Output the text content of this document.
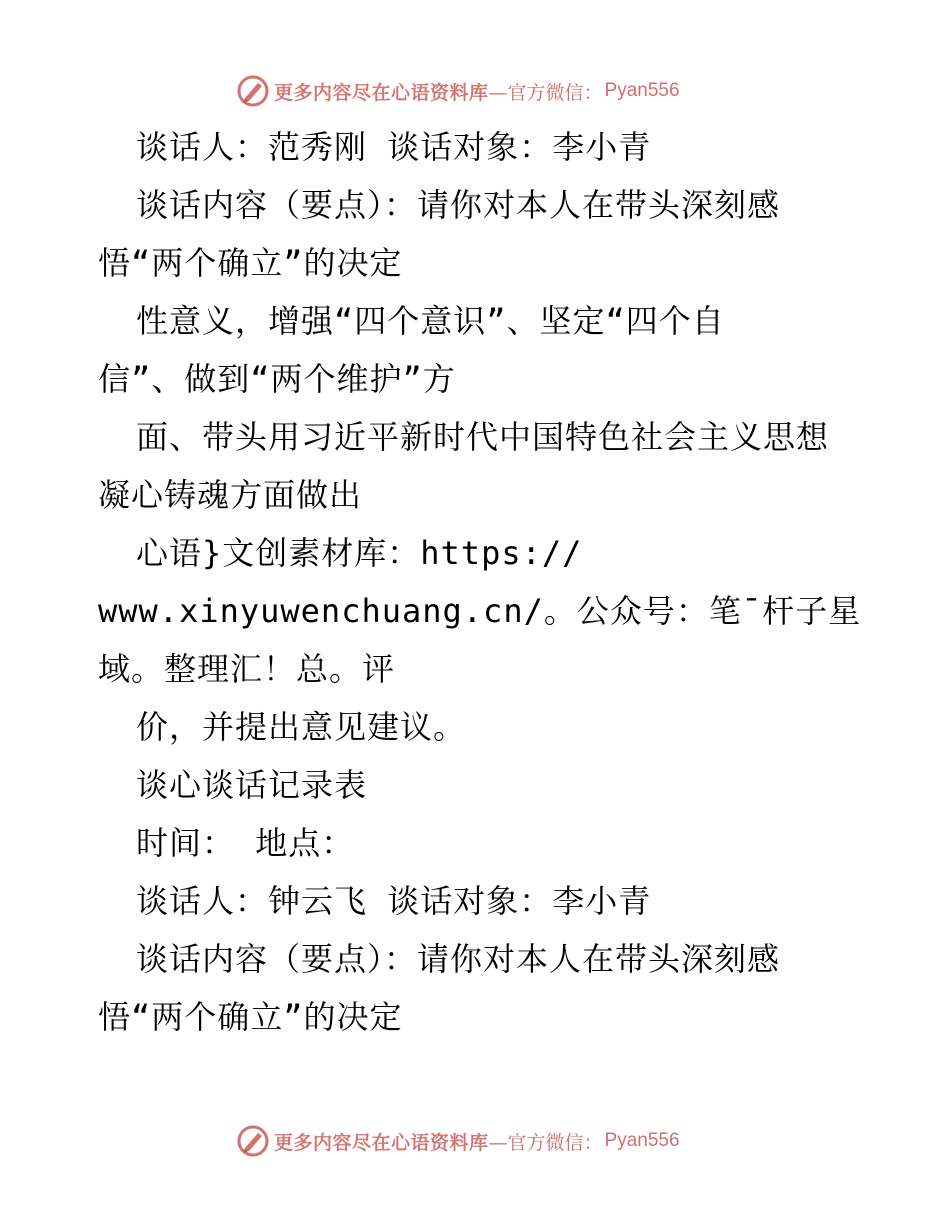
更多内容尽在心语资料库 —官方微信： Pyan556
谈话人：范秀刚 谈话对象：李小青
谈话内容（要点）：请你对本人在带头深刻感
悟“两个确立”的决定
性意义，增强“四个意识”、坚定“四个自
信”、做到“两个维护”方
面、带头用习近平新时代中国特色社会主义思想
凝心铸魂方面做出
心语}文创素材库：https://
www.xinyuwenchuang.cn/。公众号：笔¯杆子星
域。整理汇！总。评
价，并提出意见建议。
谈心谈话记录表
时间： 地点：
谈话人：钟云飞 谈话对象：李小青
谈话内容（要点）：请你对本人在带头深刻感
悟“两个确立”的决定
更多内容尽在心语资料库 —官方微信： Pyan556
